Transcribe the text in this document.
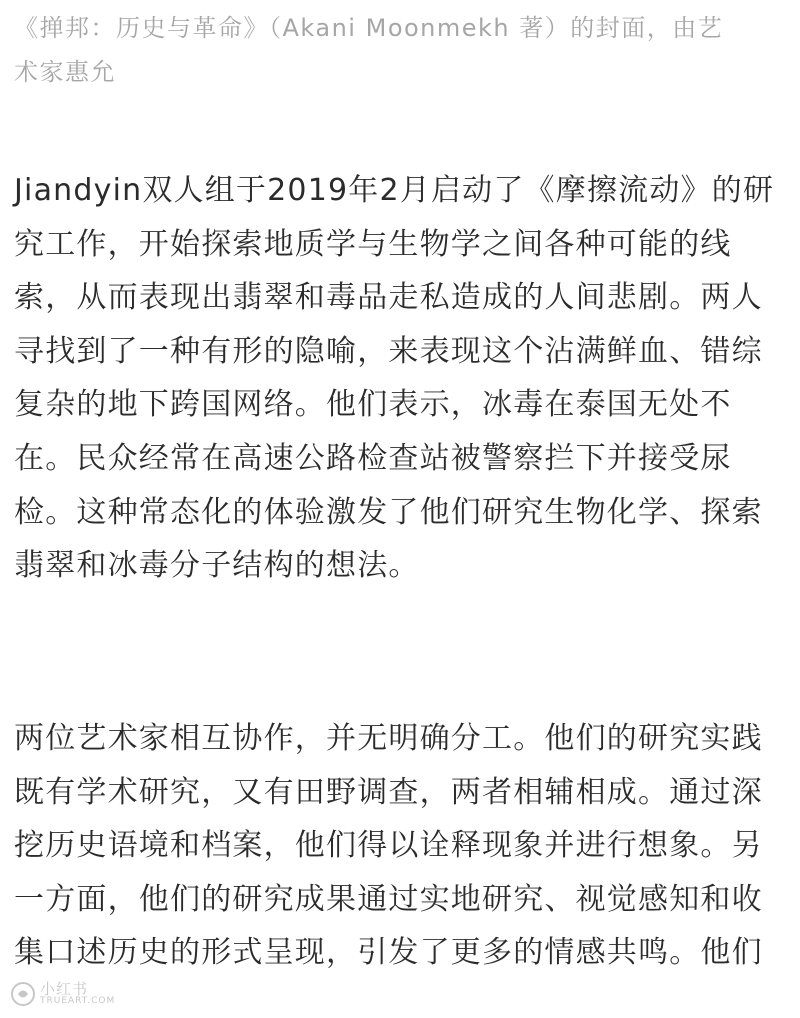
《掸邦：历史与革命》（Akani Moonmekh 著）的封面，由艺
术家惠允
Jiandyin双人组于2019年2月启动了《摩擦流动》的研
究工作，开始探索地质学与生物学之间各种可能的线
索，从而表现出翡翠和毒品走私造成的人间悲剧。两人
寻找到了一种有形的隐喻，来表现这个沾满鲜血、错综
复杂的地下跨国网络。他们表示，冰毒在泰国无处不
在。民众经常在高速公路检查站被警察拦下并接受尿
检。这种常态化的体验激发了他们研究生物化学、探索
翡翠和冰毒分子结构的想法。
两位艺术家相互协作，并无明确分工。他们的研究实践
既有学术研究，又有田野调查，两者相辅相成。通过深
挖历史语境和档案，他们得以诠释现象并进行想象。另
一方面，他们的研究成果通过实地研究、视觉感知和收
集口述历史的形式呈现，引发了更多的情感共鸣。他们
小红书
TRUEART.COM
